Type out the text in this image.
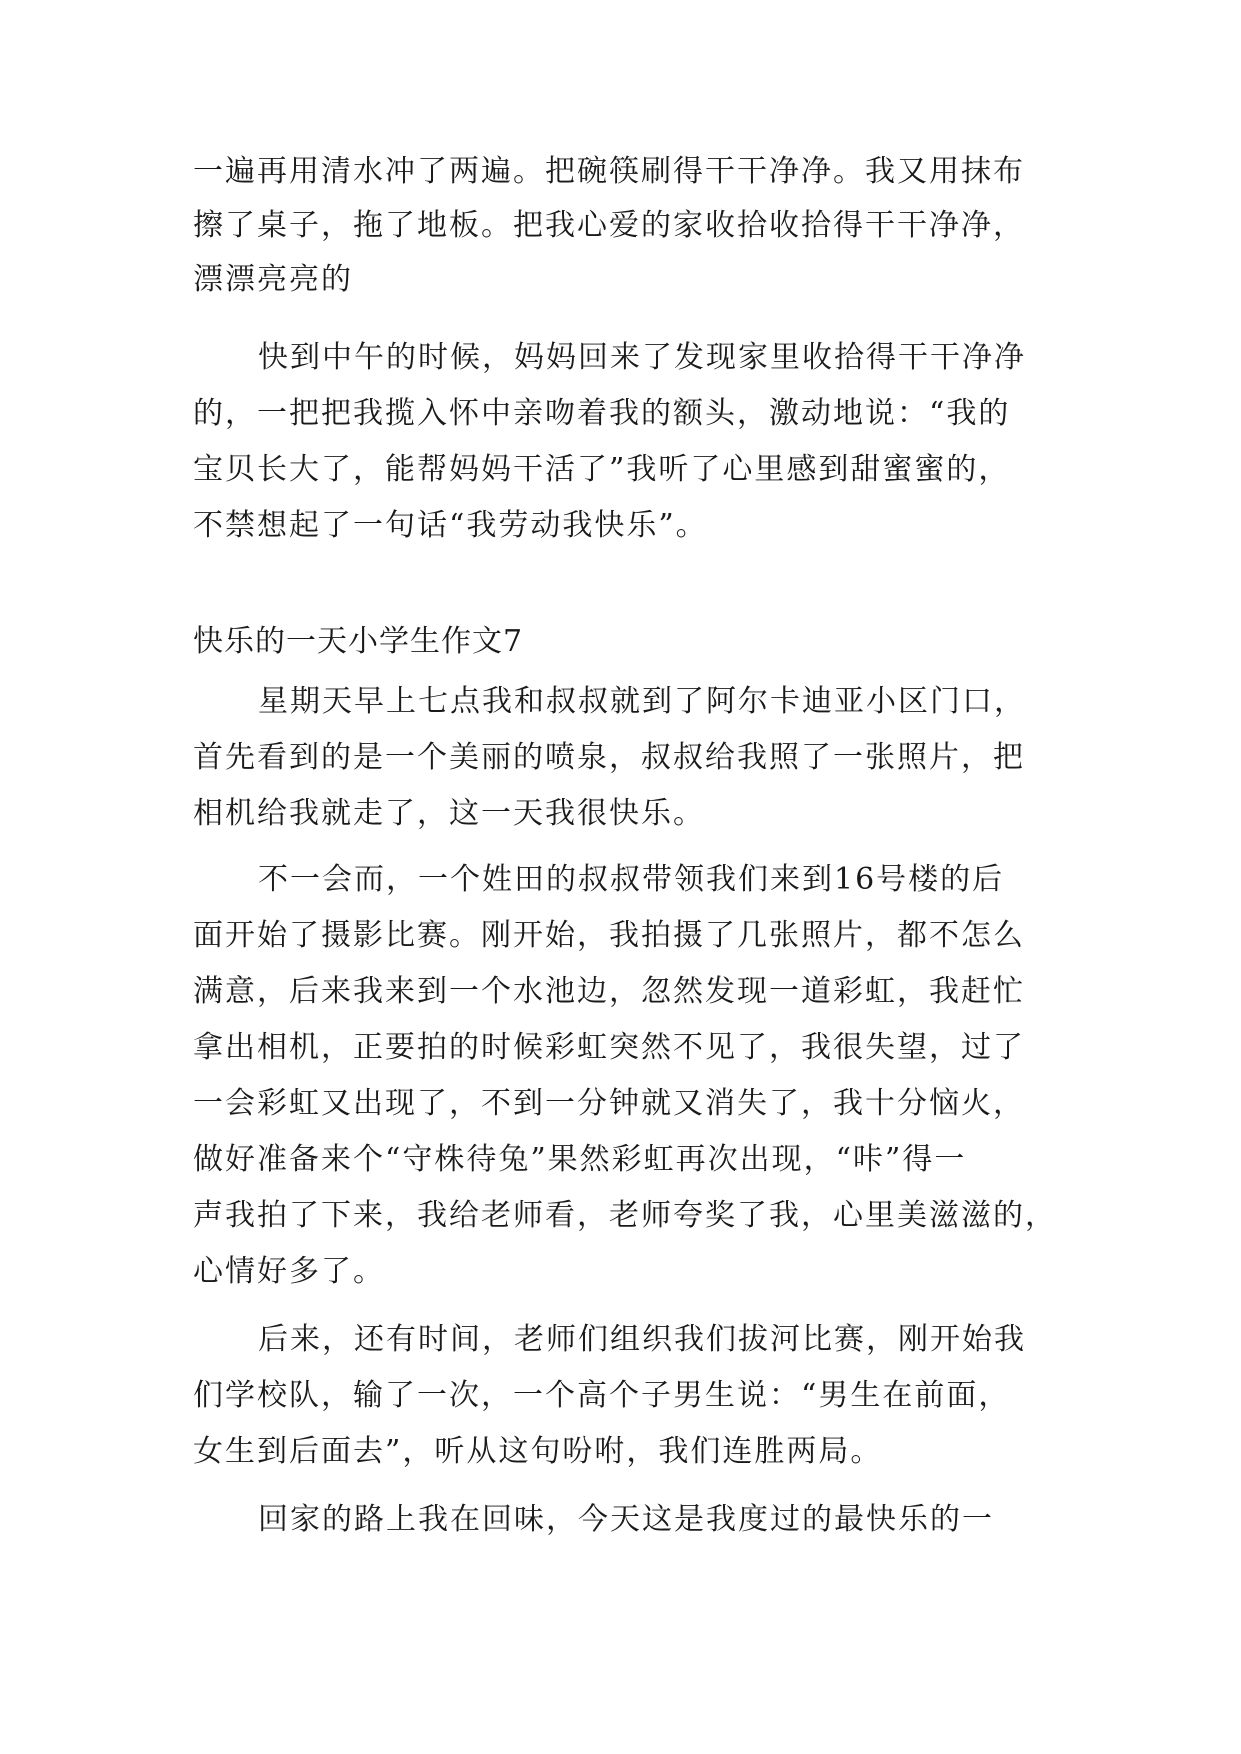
一遍再用清水冲了两遍。把碗筷刷得干干净净。我又用抹布
擦了桌子，拖了地板。把我心爱的家收拾收拾得干干净净，
漂漂亮亮的
快到中午的时候，妈妈回来了发现家里收拾得干干净净
的，一把把我揽入怀中亲吻着我的额头，激动地说：“我的
宝贝长大了，能帮妈妈干活了”我听了心里感到甜蜜蜜的，
不禁想起了一句话“我劳动我快乐”。
快乐的一天小学生作文7
星期天早上七点我和叔叔就到了阿尔卡迪亚小区门口，
首先看到的是一个美丽的喷泉，叔叔给我照了一张照片，把
相机给我就走了，这一天我很快乐。
不一会而，一个姓田的叔叔带领我们来到16号楼的后
面开始了摄影比赛。刚开始，我拍摄了几张照片，都不怎么
满意，后来我来到一个水池边，忽然发现一道彩虹，我赶忙
拿出相机，正要拍的时候彩虹突然不见了，我很失望，过了
一会彩虹又出现了，不到一分钟就又消失了，我十分恼火，
做好准备来个“守株待兔”果然彩虹再次出现，“咔”得一
声我拍了下来，我给老师看，老师夸奖了我，心里美滋滋的，
心情好多了。
后来，还有时间，老师们组织我们拔河比赛，刚开始我
们学校队，输了一次，一个高个子男生说：“男生在前面，
女生到后面去”，听从这句吩咐，我们连胜两局。
回家的路上我在回味，今天这是我度过的最快乐的一
